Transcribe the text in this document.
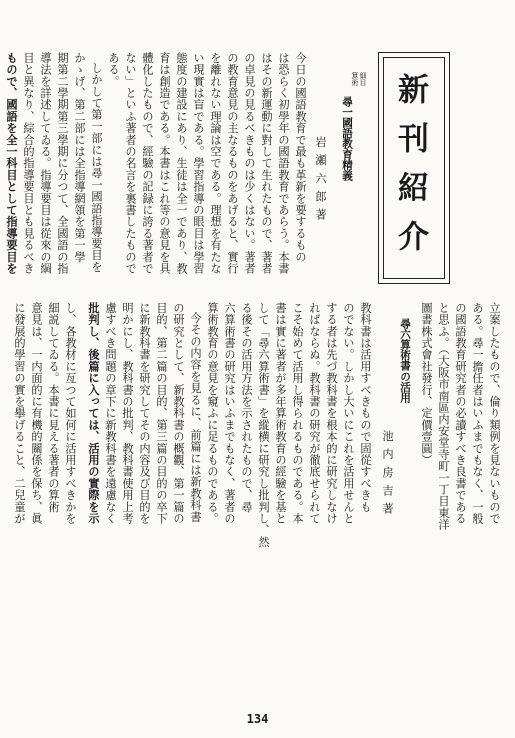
新刊紹介
細目
算術
尋一國語教育精義
岩瀬六郎著
今日の國語教育で最も革新を要するもの
は恐らく初學年の國語教育であらう。本書
はその新運動に對して生れたもので、著者
の卓見の見るべきものは少くはない。著者
の教育意見の主なるものをあげると、實行
を離れない理論は空である。理想を有たな
い現實は盲である。學習指導の眼目は學習
態度の建設にあり、生徒は全一であり、教
育は創造である。本書はこれ等の意見を具
體化したもので、經驗の記録に誇る著者で
ない」といふ著者の名言を裏書したもので
ある。
しかして第一部には尋一國語指導要目を
かゝげ、第二部には全指導網領を第一學
期第二學期第三學期に分つて、全國語の指
導法を詳述してゐる。指導要目は從來の綱
目と異なり、綜合的指導要目とも見るべき
もので、國語を全一科目として指導要目を
立案したもので、倫り類例を見ないもので
ある。尋一擔任者はいふまでもなく、一般
の國語教育研究者の必讀すべき良書である
と思ふ。（大阪市南區内安堂寺町一丁目東洋
圖書株式會社發行、定價壹圓）
尋六算術書の活用
池内房吉著
教科書は活用すべきもので固從すべきも
のでない。しかし大いにこれを活用せんと
する者は先づ教科書を根本的に研究しなけ
ればならぬ。教科書の研究が徹底せられて
こそ始めて活用し得られるものである。本
書は實に著者が多年算術教育の經驗を基と
して「尋六算術書」を縱横に研究し批判し、然
る後その活用方法を示されたもので、尋
六算術書の研究はいふまでもなく、著者の
算術教育の意見を窺ふに足るものである。
今その内容を見るに、前篇には新教科書
の研究として、新教科書の概觀、第一篇の
目的、第二篇の目的、第三篇の目的の卒下
に新教科書を研究してその内容及び目的を
明かにし、教科書の批判、教科書使用上考
慮すべき問題の章下に新教科書を遠慮なく
批判し、後篇に入っては、活用の實際を示
し、各教材に亙つて如何に活用すべきかを
細説してゐる。本書に見える著者の算術
意見は、一内面的に有機的關係を保ち、眞
に發展的學習の實を擧げること、二兒童が
134
